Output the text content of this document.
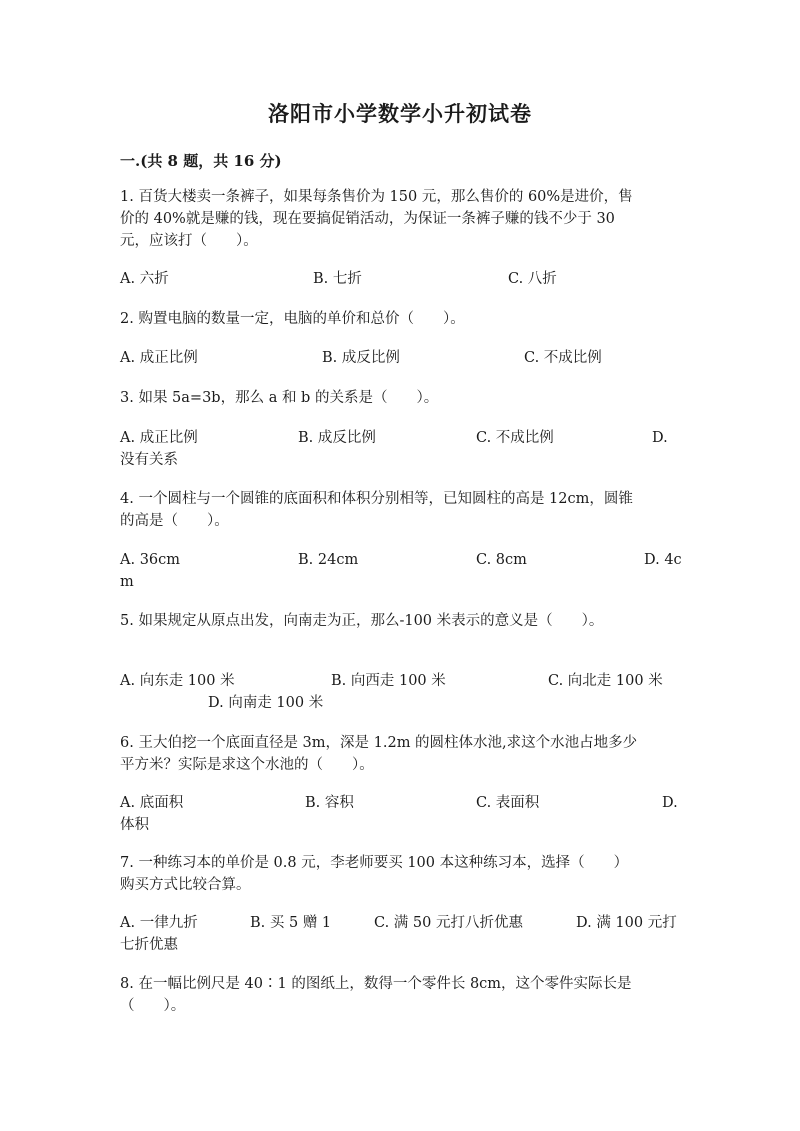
洛阳市小学数学小升初试卷
一.(共 8 题，共 16 分)
1. 百货大楼卖一条裤子，如果每条售价为 150 元，那么售价的 60%是进价，售
价的 40%就是赚的钱，现在要搞促销活动，为保证一条裤子赚的钱不少于 30
元，应该打（　　）。
A. 六折	B. 七折	C. 八折
2. 购置电脑的数量一定，电脑的单价和总价（　　）。
A. 成正比例	B. 成反比例	C. 不成比例
3. 如果 5a=3b，那么 a 和 b 的关系是（　　）。
A. 成正比例	B. 成反比例	C. 不成比例	D.
没有关系
4. 一个圆柱与一个圆锥的底面积和体积分别相等，已知圆柱的高是 12cm，圆锥
的高是（　　）。
A. 36cm	B. 24cm	C. 8cm	D. 4c
m
5. 如果规定从原点出发，向南走为正，那么-100 米表示的意义是（　　）。
A. 向东走 100 米	B. 向西走 100 米	C. 向北走 100 米
D. 向南走 100 米
6. 王大伯挖一个底面直径是 3m，深是 1.2m 的圆柱体水池,求这个水池占地多少
平方米？实际是求这个水池的（　　）。
A. 底面积	B. 容积	C. 表面积	D.
体积
7. 一种练习本的单价是 0.8 元，李老师要买 100 本这种练习本，选择（　　）
购买方式比较合算。
A. 一律九折	B. 买 5 赠 1	C. 满 50 元打八折优惠	D. 满 100 元打
七折优惠
8. 在一幅比例尺是 40∶1 的图纸上，数得一个零件长 8cm，这个零件实际长是
（　　）。
